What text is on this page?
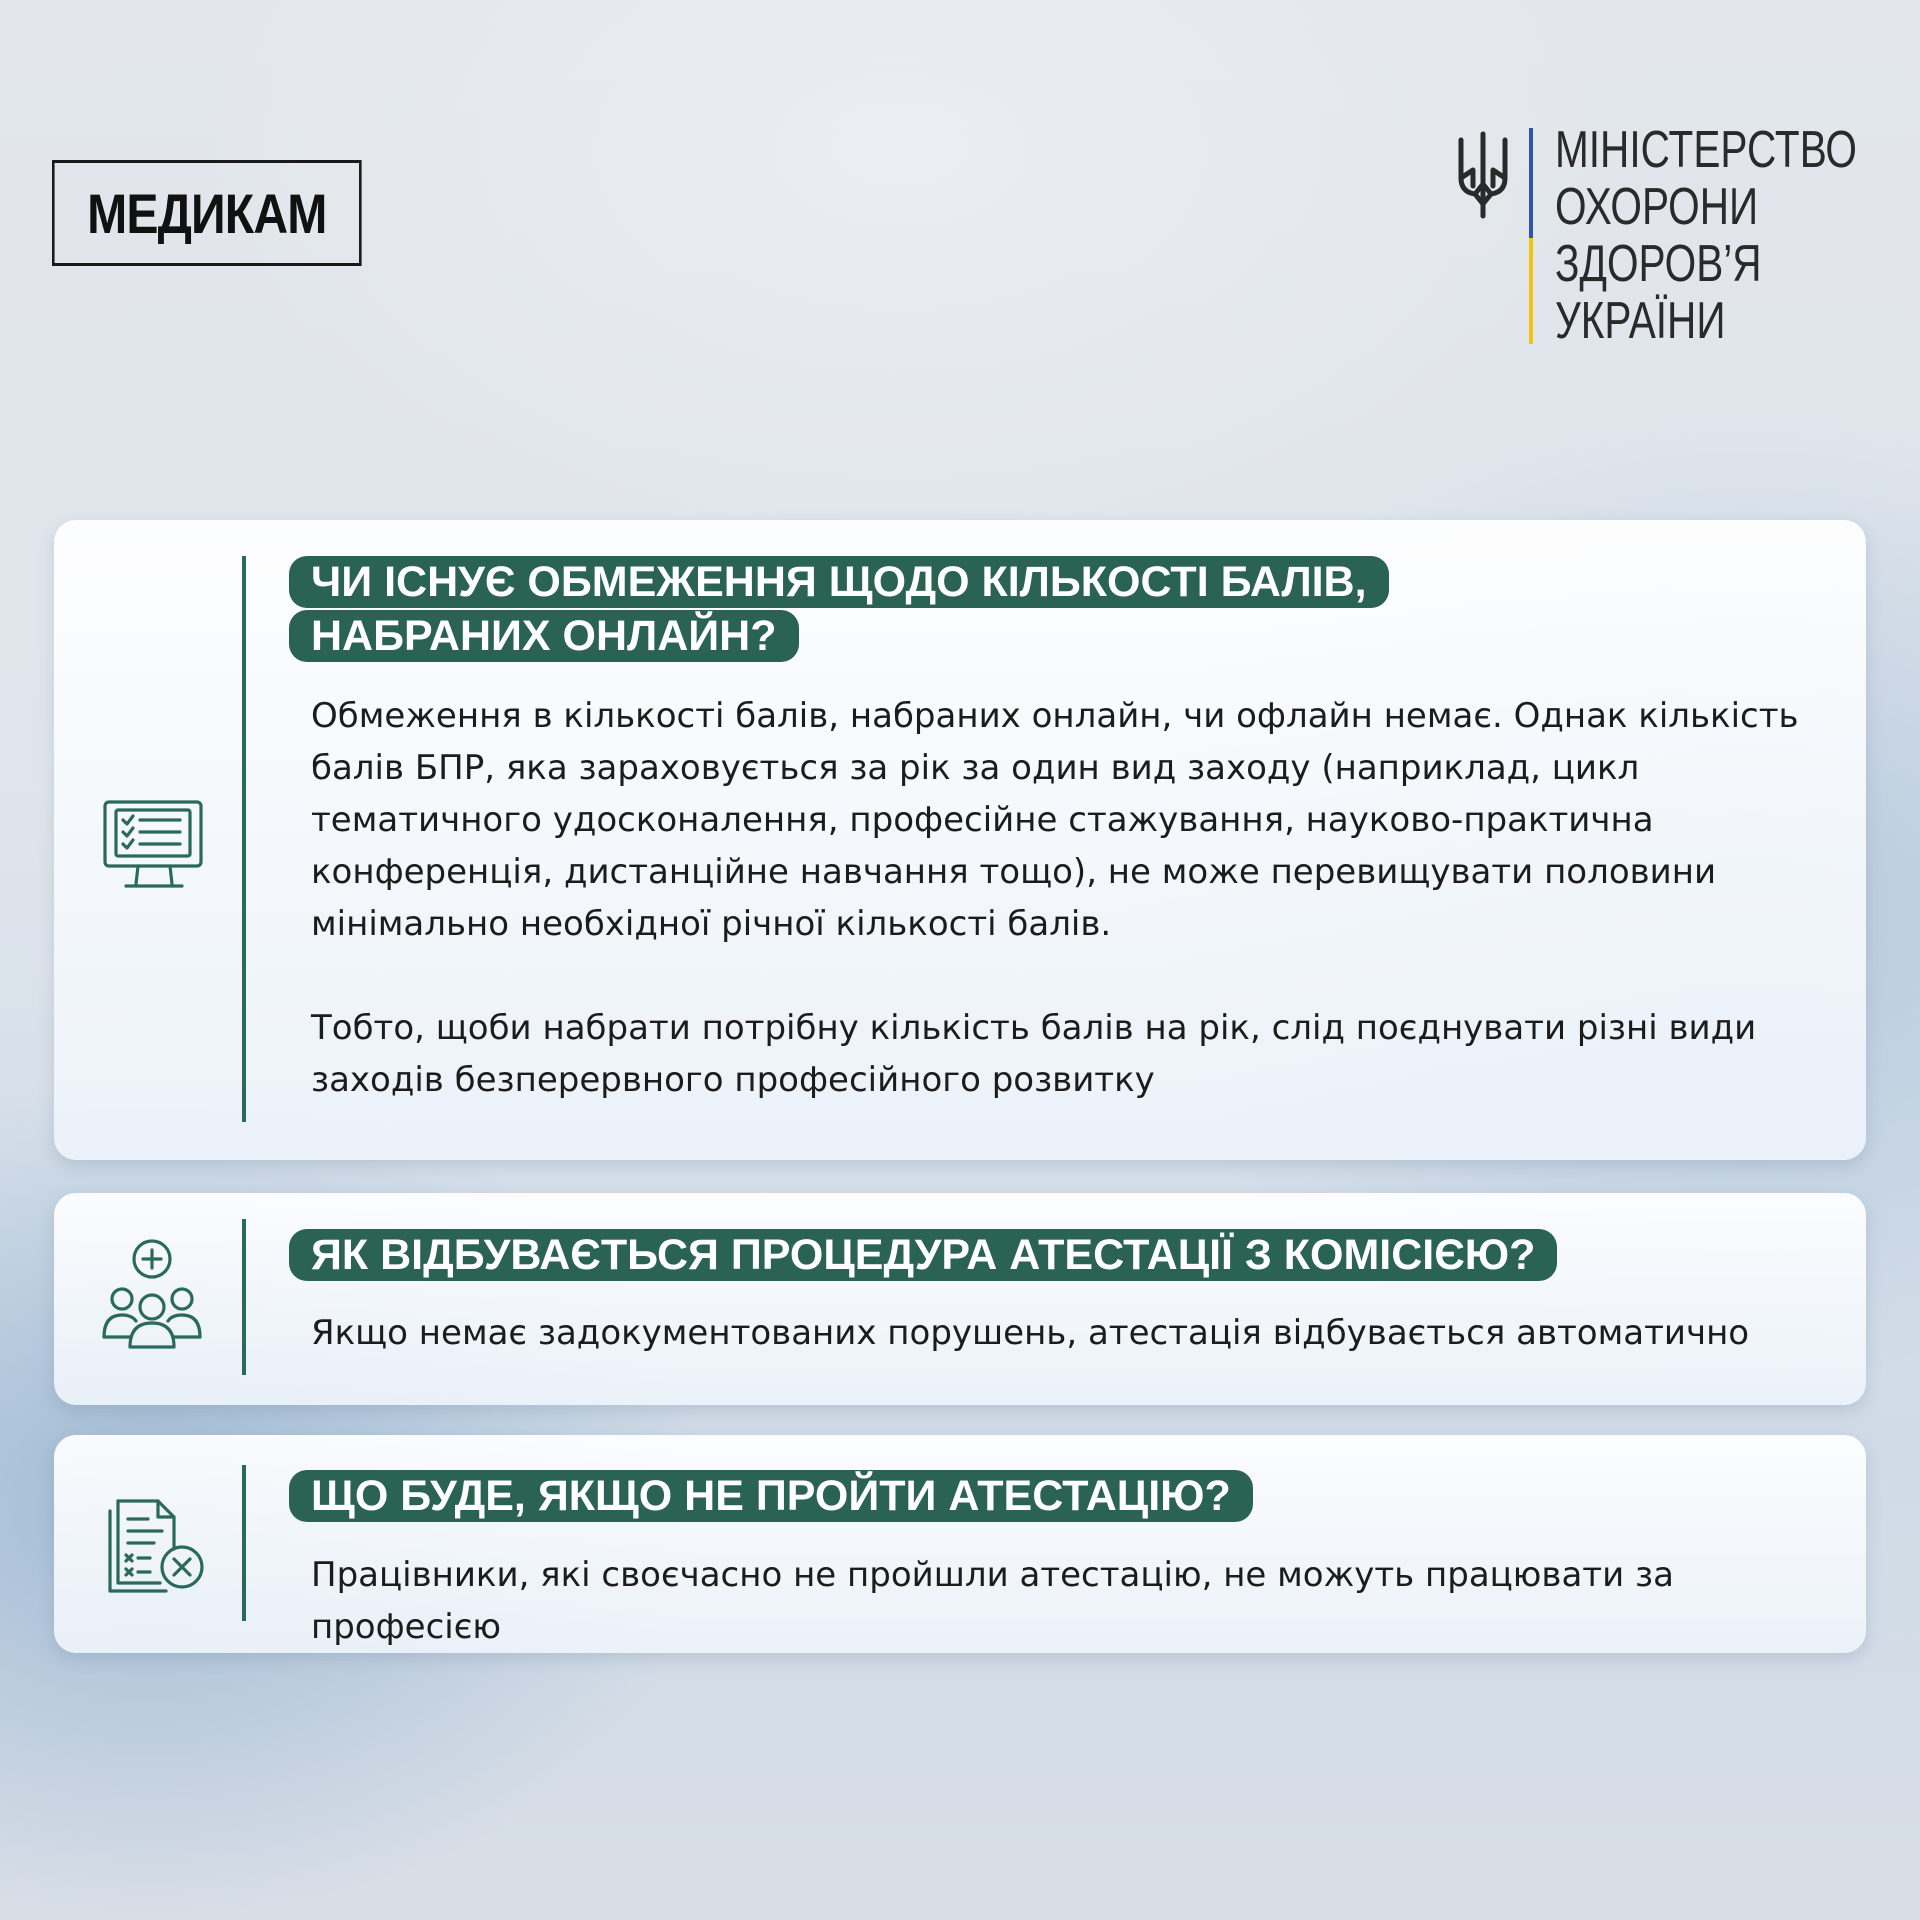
МЕДИКАМ
МІНІСТЕРСТВО
ОХОРОНИ
ЗДОРОВ’Я
УКРАЇНИ
ЧИ ІСНУЄ ОБМЕЖЕННЯ ЩОДО КІЛЬКОСТІ БАЛІВ, НАБРАНИХ ОНЛАЙН?

Обмеження в кількості балів, набраних онлайн, чи офлайн немає. Однак кількість балів БПР, яка зараховується за рік за один вид заходу (наприклад, цикл тематичного удосконалення, професійне стажування, науково-практична конференція, дистанційне навчання тощо), не може перевищувати половини мінімально необхідної річної кількості балів.

Тобто, щоби набрати потрібну кількість балів на рік, слід поєднувати різні види заходів безперервного професійного розвитку

ЯК ВІДБУВАЄТЬСЯ ПРОЦЕДУРА АТЕСТАЦІЇ З КОМІСІЄЮ?

Якщо немає задокументованих порушень, атестація відбувається автоматично

ЩО БУДЕ, ЯКЩО НЕ ПРОЙТИ АТЕСТАЦІЮ?

Працівники, які своєчасно не пройшли атестацію, не можуть працювати за професією
